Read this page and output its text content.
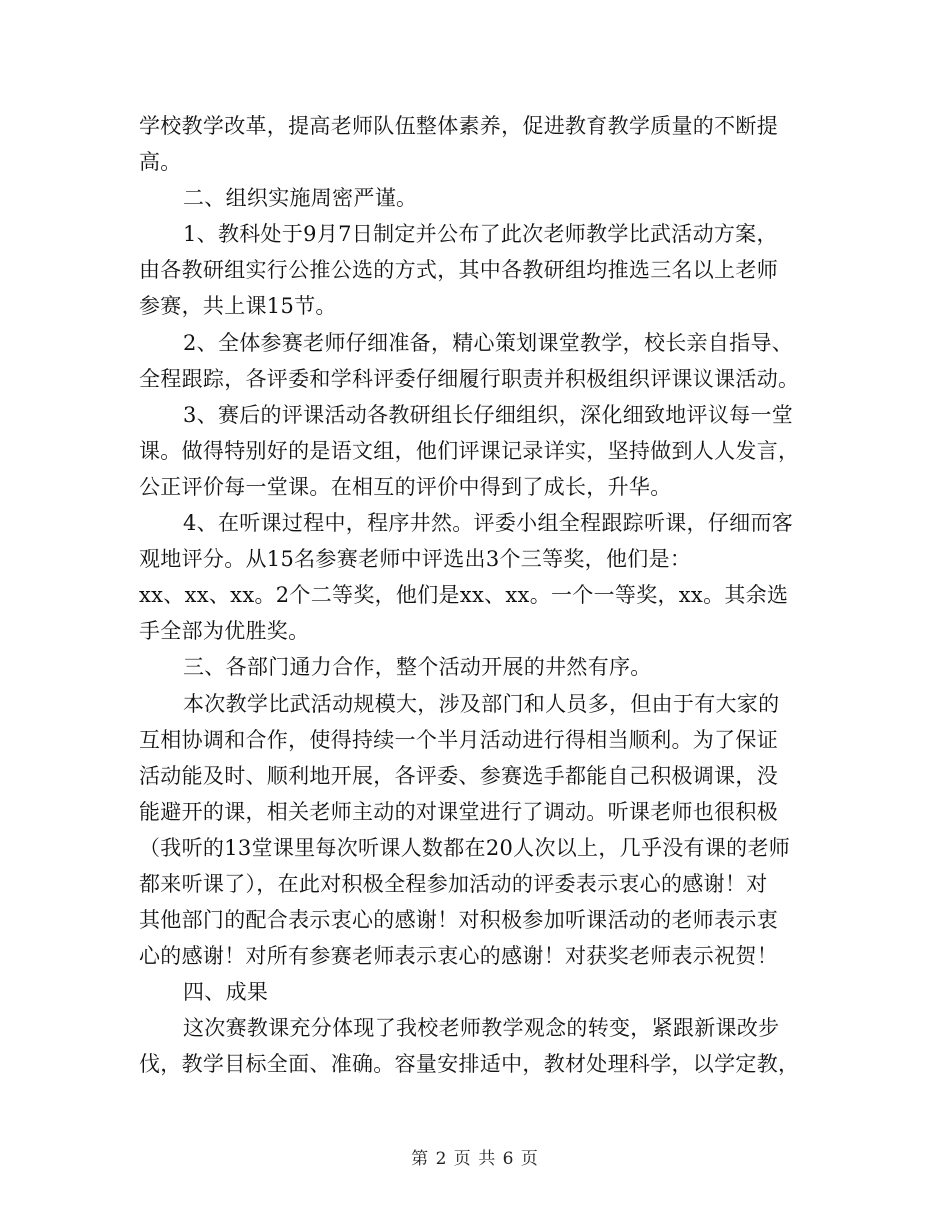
学校教学改革，提高老师队伍整体素养，促进教育教学质量的不断提
高。
二、组织实施周密严谨。
1、教科处于9月7日制定并公布了此次老师教学比武活动方案，
由各教研组实行公推公选的方式，其中各教研组均推选三名以上老师
参赛，共上课15节。
2、全体参赛老师仔细准备，精心策划课堂教学，校长亲自指导、
全程跟踪，各评委和学科评委仔细履行职责并积极组织评课议课活动。
3、赛后的评课活动各教研组长仔细组织，深化细致地评议每一堂
课。做得特别好的是语文组，他们评课记录详实，坚持做到人人发言，
公正评价每一堂课。在相互的评价中得到了成长，升华。
4、在听课过程中，程序井然。评委小组全程跟踪听课，仔细而客
观地评分。从15名参赛老师中评选出3个三等奖，他们是：
xx、xx、xx。2个二等奖，他们是xx、xx。一个一等奖，xx。其余选
手全部为优胜奖。
三、各部门通力合作，整个活动开展的井然有序。
本次教学比武活动规模大，涉及部门和人员多，但由于有大家的
互相协调和合作，使得持续一个半月活动进行得相当顺利。为了保证
活动能及时、顺利地开展，各评委、参赛选手都能自己积极调课，没
能避开的课，相关老师主动的对课堂进行了调动。听课老师也很积极
（我听的13堂课里每次听课人数都在20人次以上，几乎没有课的老师
都来听课了），在此对积极全程参加活动的评委表示衷心的感谢！对
其他部门的配合表示衷心的感谢！对积极参加听课活动的老师表示衷
心的感谢！对所有参赛老师表示衷心的感谢！对获奖老师表示祝贺！
四、成果
这次赛教课充分体现了我校老师教学观念的转变，紧跟新课改步
伐，教学目标全面、准确。容量安排适中，教材处理科学，以学定教，
第 2 页 共 6 页
